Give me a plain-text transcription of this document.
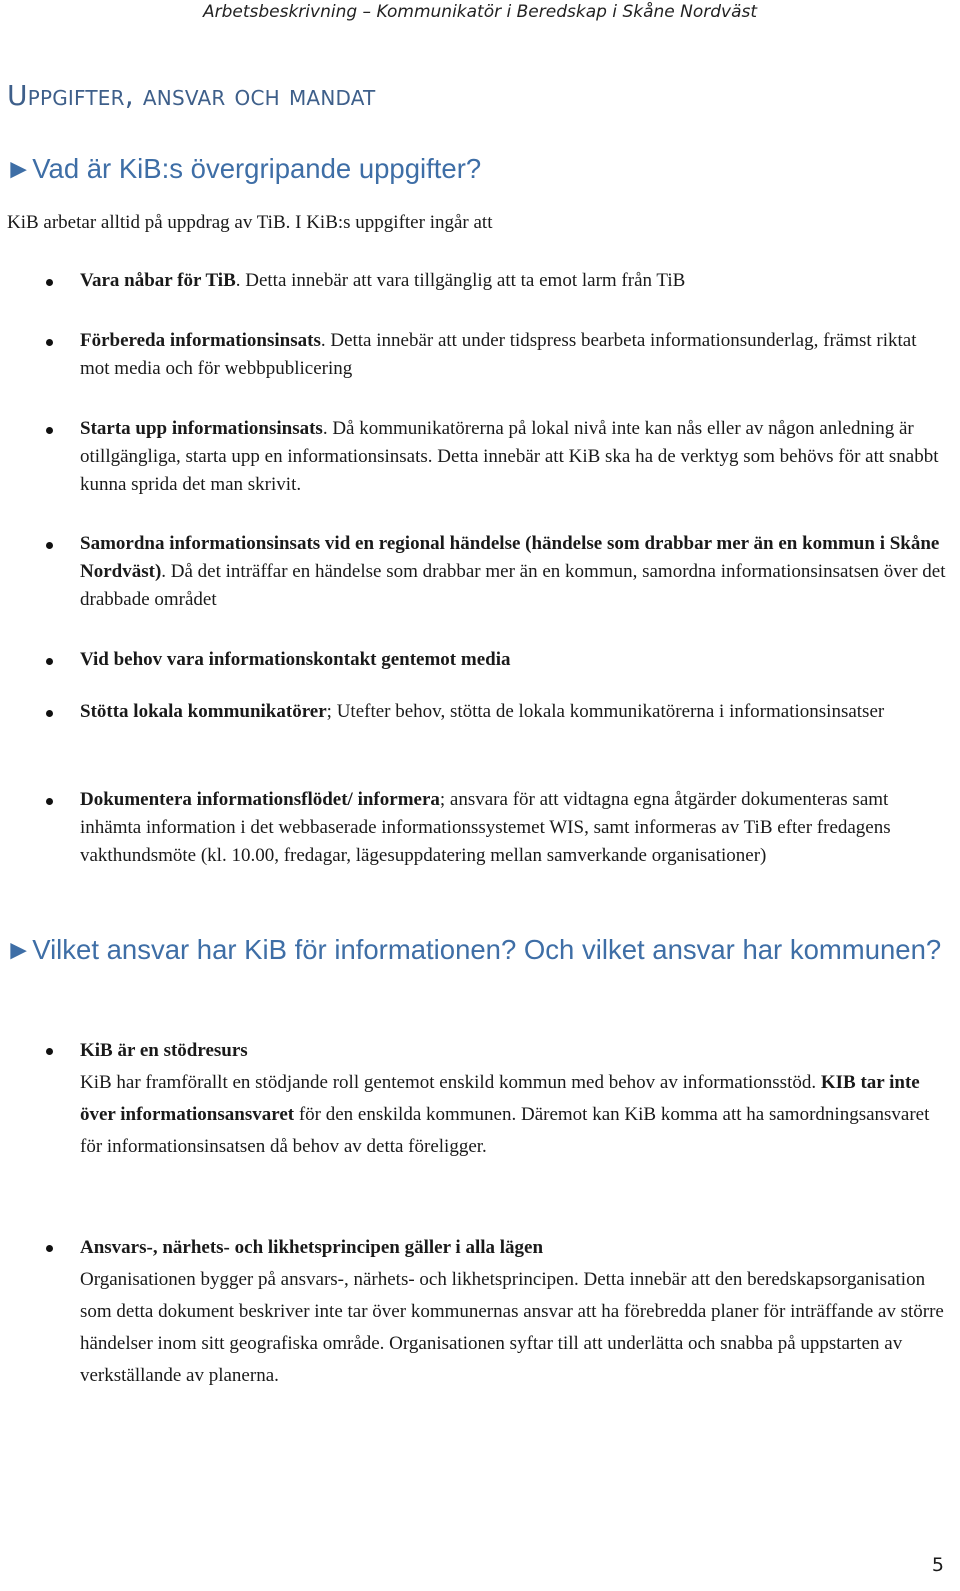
Arbetsbeskrivning – Kommunikatör i Beredskap i Skåne Nordväst
Uppgifter, ansvar och mandat
►Vad är KiB:s övergripande uppgifter?

KiB arbetar alltid på uppdrag av TiB. I KiB:s uppgifter ingår att

Vara nåbar för TiB. Detta innebär att vara tillgänglig att ta emot larm från TiB
Förbereda informationsinsats. Detta innebär att under tidspress bearbeta informationsunderlag, främst riktat mot media och för webbpublicering
Starta upp informationsinsats. Då kommunikatörerna på lokal nivå inte kan nås eller av någon anledning är otillgängliga, starta upp en informationsinsats. Detta innebär att KiB ska ha de verktyg som behövs för att snabbt kunna sprida det man skrivit.
Samordna informationsinsats vid en regional händelse (händelse som drabbar mer än en kommun i Skåne Nordväst). Då det inträffar en händelse som drabbar mer än en kommun, samordna informationsinsatsen över det drabbade området
Vid behov vara informationskontakt gentemot media
Stötta lokala kommunikatörer; Utefter behov, stötta de lokala kommunikatörerna i informationsinsatser
Dokumentera informationsflödet/ informera; ansvara för att vidtagna egna åtgärder dokumenteras samt inhämta information i det webbaserade informationssystemet WIS, samt informeras av TiB efter fredagens vakthundsmöte (kl. 10.00, fredagar, lägesuppdatering mellan samverkande organisationer)
►Vilket ansvar har KiB för informationen? Och vilket ansvar har kommunen?
KiB är en stödresurs
KiB har framförallt en stödjande roll gentemot enskild kommun med behov av informationsstöd. KIB tar inte över informationsansvaret för den enskilda kommunen. Däremot kan KiB komma att ha samordningsansvaret för informationsinsatsen då behov av detta föreligger.
Ansvars-, närhets- och likhetsprincipen gäller i alla lägen
Organisationen bygger på ansvars-, närhets- och likhetsprincipen. Detta innebär att den beredskapsorganisation som detta dokument beskriver inte tar över kommunernas ansvar att ha förebredda planer för inträffande av större händelser inom sitt geografiska område. Organisationen syftar till att underlätta och snabba på uppstarten av verkställande av planerna.
5
